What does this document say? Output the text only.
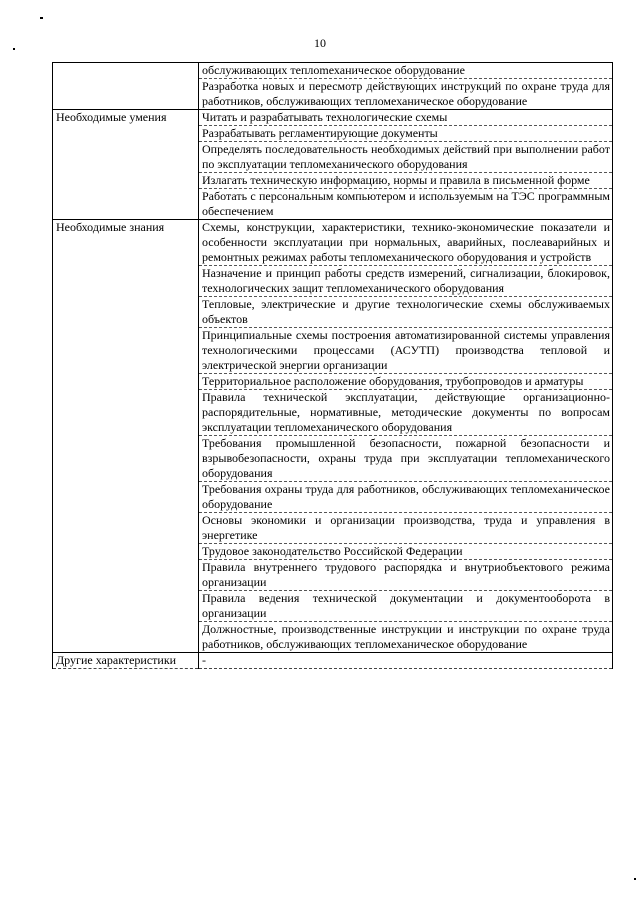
10
	обслуживающих теплomеханическое оборудование
	Разработка новых и пересмотр действующих инструкций по охране труда для работников, обслуживающих тепломеханическое оборудование
Необходимые умения	Читать и разрабатывать технологические схемы
	Разрабатывать регламентирующие документы
	Определять последовательность необходимых действий при выполнении работ по эксплуатации тепломеханического оборудования
	Излагать техническую информацию, нормы и правила в письменной форме
	Работать с персональным компьютером и используемым на ТЭС программным обеспечением
Необходимые знания	Схемы, конструкции, характеристики, технико-экономические показатели и особенности эксплуатации при нормальных, аварийных, послеаварийных и ремонтных режимах работы тепломеханического оборудования и устройств
	Назначение и принцип работы средств измерений, сигнализации, блокировок, технологических защит тепломеханического оборудования
	Тепловые, электрические и другие технологические схемы обслуживаемых объектов
	Принципиальные схемы построения автоматизированной системы управления технологическими процессами (АСУТП) производства тепловой и электрической энергии организации
	Территориальное расположение оборудования, трубопроводов и арматуры
	Правила технической эксплуатации, действующие организационно-распорядительные, нормативные, методические документы по вопросам эксплуатации тепломеханического оборудования
	Требования промышленной безопасности, пожарной безопасности и взрывобезопасности, охраны труда при эксплуатации тепломеханического оборудования
	Требования охраны труда для работников, обслуживающих тепломеханическое оборудование
	Основы экономики и организации производства, труда и управления в энергетике
	Трудовое законодательство Российской Федерации
	Правила внутреннего трудового распорядка и внутриобъектового режима организации
	Правила ведения технической документации и документооборота в организации
	Должностные, производственные инструкции и инструкции по охране труда работников, обслуживающих тепломеханическое оборудование
Другие характеристики	-
